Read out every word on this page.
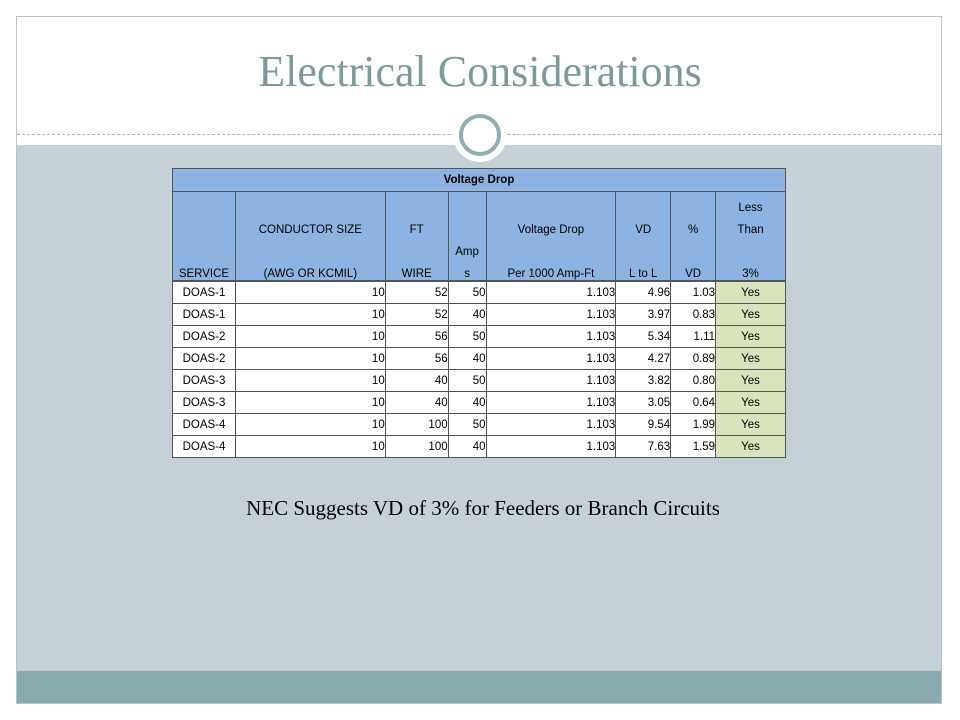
Electrical Considerations
Voltage Drop							
							Less
	CONDUCTOR SIZE	FT		Voltage Drop	VD	%	Than
			Amp				
SERVICE	(AWG OR KCMIL)	WIRE	s	Per 1000 Amp-Ft	L to L	VD	3%
DOAS-1	10	52	50	1.103	4.96	1.03	Yes
DOAS-1	10	52	40	1.103	3.97	0.83	Yes
DOAS-2	10	56	50	1.103	5.34	1.11	Yes
DOAS-2	10	56	40	1.103	4.27	0.89	Yes
DOAS-3	10	40	50	1.103	3.82	0.80	Yes
DOAS-3	10	40	40	1.103	3.05	0.64	Yes
DOAS-4	10	100	50	1.103	9.54	1.99	Yes
DOAS-4	10	100	40	1.103	7.63	1.59	Yes
NEC Suggests VD of 3% for Feeders or Branch Circuits
